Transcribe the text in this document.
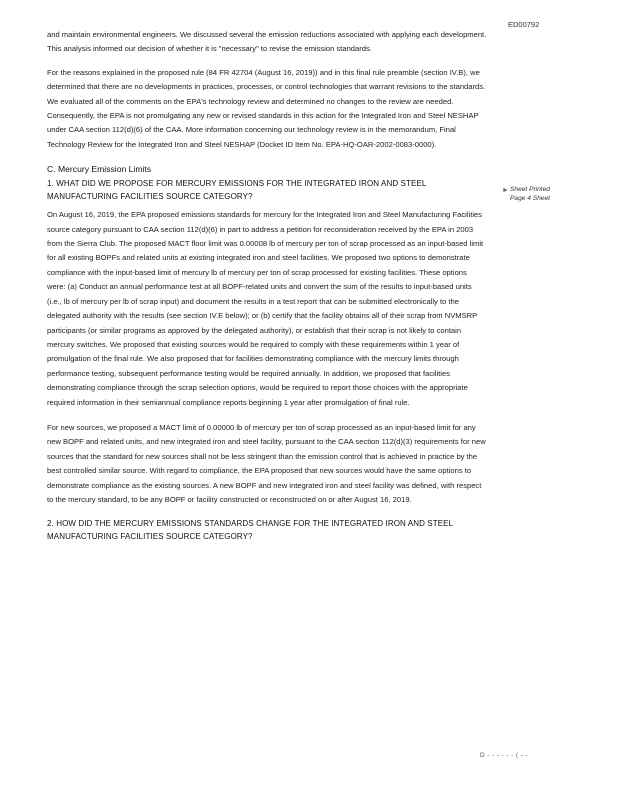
ED00792

and maintain environmental engineers. We discussed several the emission reductions associated with applying each development. This analysis informed our decision of whether it is "necessary" to revise the emission standards.

For the reasons explained in the proposed rule (84 FR 42704 (August 16, 2019)) and in this final rule preamble (section IV.B), we determined that there are no developments in practices, processes, or control technologies that warrant revisions to the standards. We evaluated all of the comments on the EPA's technology review and determined no changes to the review are needed. Consequently, the EPA is not promulgating any new or revised standards in this action for the Integrated Iron and Steel NESHAP under CAA section 112(d)(6) of the CAA. More information concerning our technology review is in the memorandum, Final Technology Review for the Integrated Iron and Steel NESHAP (Docket ID Item No. EPA-HQ-OAR-2002-0083-0000).

C. Mercury Emission Limits
1. WHAT DID WE PROPOSE FOR MERCURY EMISSIONS FOR THE INTEGRATED IRON AND STEEL MANUFACTURING FACILITIES SOURCE CATEGORY?

On August 16, 2019, the EPA proposed emissions standards for mercury for the Integrated Iron and Steel Manufacturing Facilities source category pursuant to CAA section 112(d)(6) in part to address a petition for reconsideration received by the EPA in 2003 from the Sierra Club. The proposed MACT floor limit was 0.00008 lb of mercury per ton of scrap processed as an input-based limit for all existing BOPFs and related units at existing integrated iron and steel facilities. We proposed two options to demonstrate compliance with the input-based limit of mercury lb of mercury per ton of scrap processed for existing facilities. These options were: (a) Conduct an annual performance test at all BOPF-related units and convert the sum of the results to input-based units (i.e., lb of mercury per lb of scrap input) and document the results in a test report that can be submitted electronically to the delegated authority with the results (see section IV.E below); or (b) certify that the facility obtains all of their scrap from NVMSRP participants (or similar programs as approved by the delegated authority), or establish that their scrap is not likely to contain mercury switches. We proposed that existing sources would be required to comply with these requirements within 1 year of promulgation of the final rule. We also proposed that for facilities demonstrating compliance with the mercury limits through performance testing, subsequent performance testing would be required annually. In addition, we proposed that facilities demonstrating compliance through the scrap selection options, would be required to report those choices with the appropriate required information in their semiannual compliance reports beginning 1 year after promulgation of final rule.

For new sources, we proposed a MACT limit of 0.00000 lb of mercury per ton of scrap processed as an input-based limit for any new BOPF and related units, and new integrated iron and steel facility, pursuant to the CAA section 112(d)(3) requirements for new sources that the standard for new sources shall not be less stringent than the emission control that is achieved in practice by the best controlled similar source. With regard to compliance, the EPA proposed that new sources would have the same options to demonstrate compliance as the existing sources. A new BOPF and new integrated iron and steel facility was defined, with respect to the mercury standard, to be any BOPF or facility constructed or reconstructed on or after August 16, 2019.

2. HOW DID THE MERCURY EMISSIONS STANDARDS CHANGE FOR THE INTEGRATED IRON AND STEEL MANUFACTURING FACILITIES SOURCE CATEGORY?
► Sheet Printed
Page 4 Sheet
D - - - - - - ( - -
